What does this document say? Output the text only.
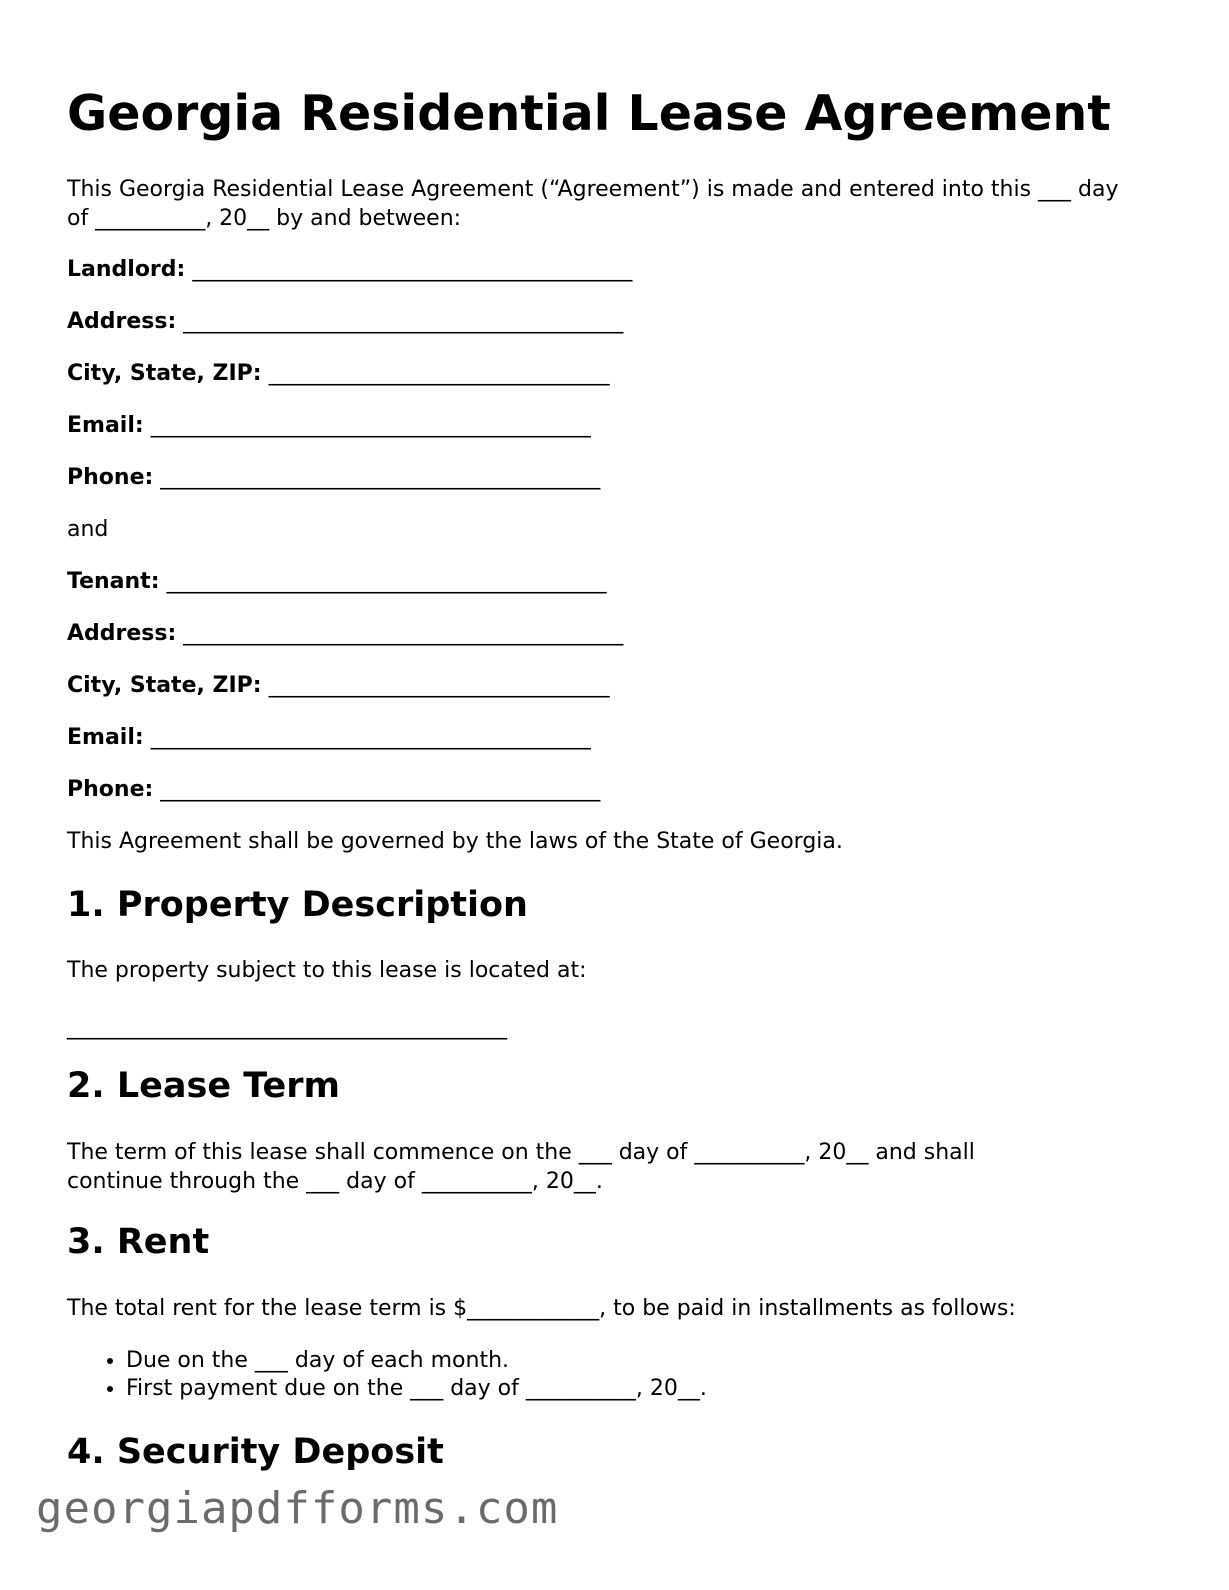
Georgia Residential Lease Agreement

This Georgia Residential Lease Agreement (“Agreement”) is made and entered into this ___ day of __________, 20__ by and between:

Landlord: ________________________________________

Address: ________________________________________

City, State, ZIP: _______________________________

Email: ________________________________________

Phone: ________________________________________

and

Tenant: ________________________________________

Address: ________________________________________

City, State, ZIP: _______________________________

Email: ________________________________________

Phone: ________________________________________

This Agreement shall be governed by the laws of the State of Georgia.

1. Property Description

The property subject to this lease is located at:

________________________________________

2. Lease Term

The term of this lease shall commence on the ___ day of __________, 20__ and shall continue through the ___ day of __________, 20__.

3. Rent

The total rent for the lease term is $____________, to be paid in installments as follows:

• Due on the ___ day of each month.
• First payment due on the ___ day of __________, 20__.
4. Security Deposit

georgiapdfforms.com
